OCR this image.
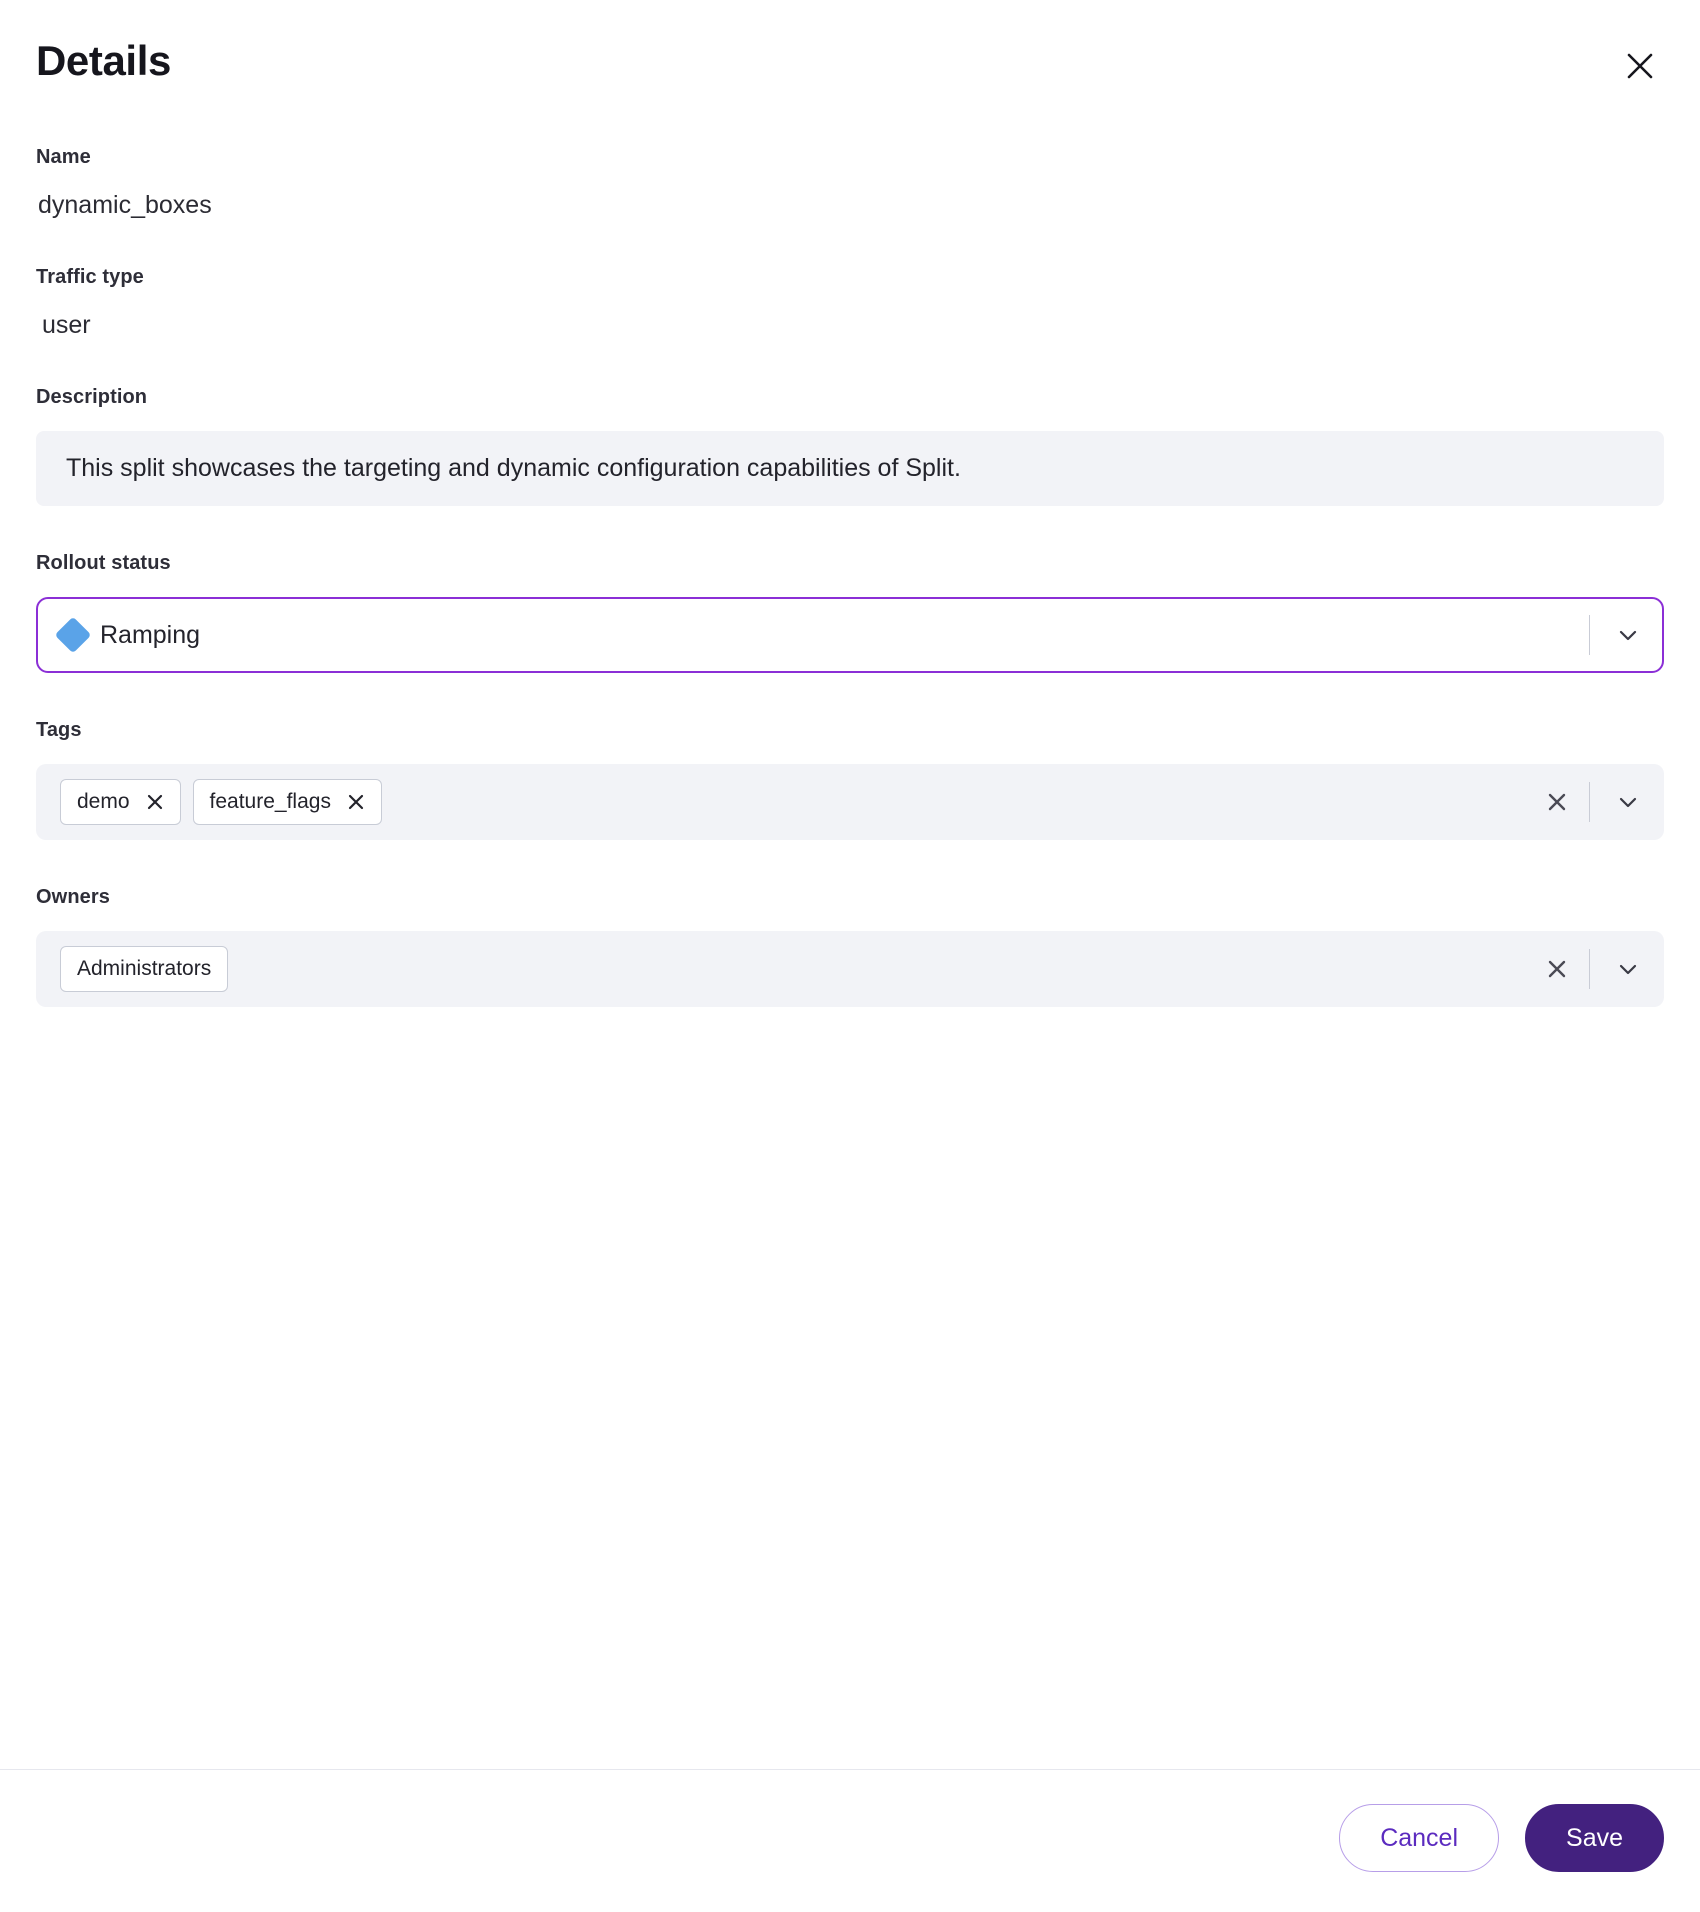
Details
Name
dynamic_boxes
Traffic type
user
Description
This split showcases the targeting and dynamic configuration capabilities of Split.
Rollout status
Ramping
Tags
demo	feature_flags
Owners
Administrators
Cancel	Save
